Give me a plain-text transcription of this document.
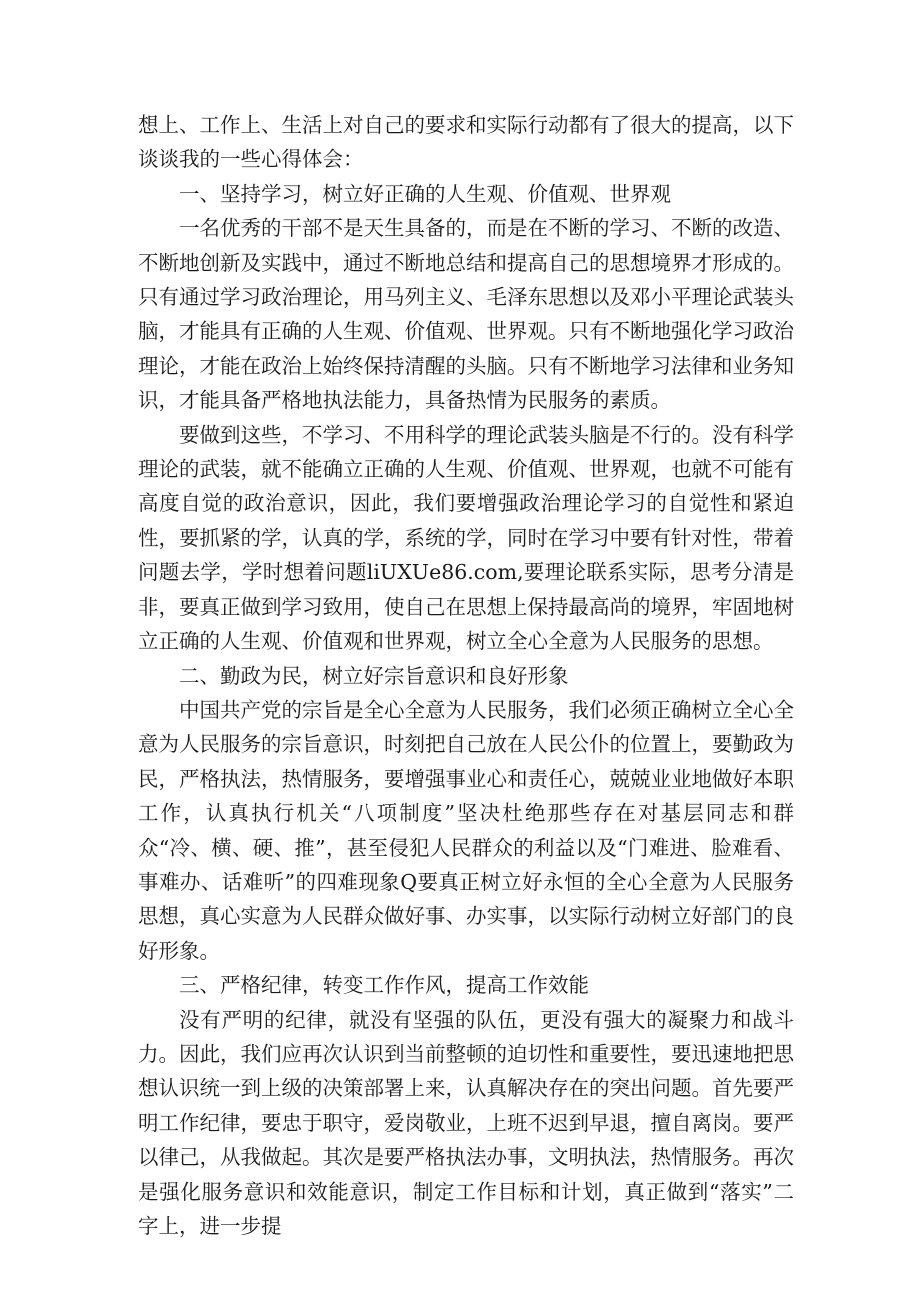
想上、工作上、生活上对自己的要求和实际行动都有了很大的提高，以下谈谈我的一些心得体会：

一、坚持学习，树立好正确的人生观、价值观、世界观

一名优秀的干部不是天生具备的，而是在不断的学习、不断的改造、不断地创新及实践中，通过不断地总结和提高自己的思想境界才形成的。只有通过学习政治理论，用马列主义、毛泽东思想以及邓小平理论武装头脑，才能具有正确的人生观、价值观、世界观。只有不断地强化学习政治理论，才能在政治上始终保持清醒的头脑。只有不断地学习法律和业务知识，才能具备严格地执法能力，具备热情为民服务的素质。

要做到这些，不学习、不用科学的理论武装头脑是不行的。没有科学理论的武装，就不能确立正确的人生观、价值观、世界观，也就不可能有高度自觉的政治意识，因此，我们要增强政治理论学习的自觉性和紧迫性，要抓紧的学，认真的学，系统的学，同时在学习中要有针对性，带着问题去学，学时想着问题liUXUe86.com,要理论联系实际，思考分清是非，要真正做到学习致用，使自己在思想上保持最高尚的境界，牢固地树立正确的人生观、价值观和世界观，树立全心全意为人民服务的思想。

二、勤政为民，树立好宗旨意识和良好形象

中国共产党的宗旨是全心全意为人民服务，我们必须正确树立全心全意为人民服务的宗旨意识，时刻把自己放在人民公仆的位置上，要勤政为民，严格执法，热情服务，要增强事业心和责任心，兢兢业业地做好本职工作，认真执行机关“八项制度”坚决杜绝那些存在对基层同志和群众“冷、横、硬、推”，甚至侵犯人民群众的利益以及“门难进、脸难看、事难办、话难听”的四难现象Q要真正树立好永恒的全心全意为人民服务思想，真心实意为人民群众做好事、办实事，以实际行动树立好部门的良好形象。

三、严格纪律，转变工作作风，提高工作效能

没有严明的纪律，就没有坚强的队伍，更没有强大的凝聚力和战斗力。因此，我们应再次认识到当前整顿的迫切性和重要性，要迅速地把思想认识统一到上级的决策部署上来，认真解决存在的突出问题。首先要严明工作纪律，要忠于职守，爱岗敬业，上班不迟到早退，擅自离岗。要严以律己，从我做起。其次是要严格执法办事，文明执法，热情服务。再次是强化服务意识和效能意识，制定工作目标和计划，真正做到“落实”二字上，进一步提
